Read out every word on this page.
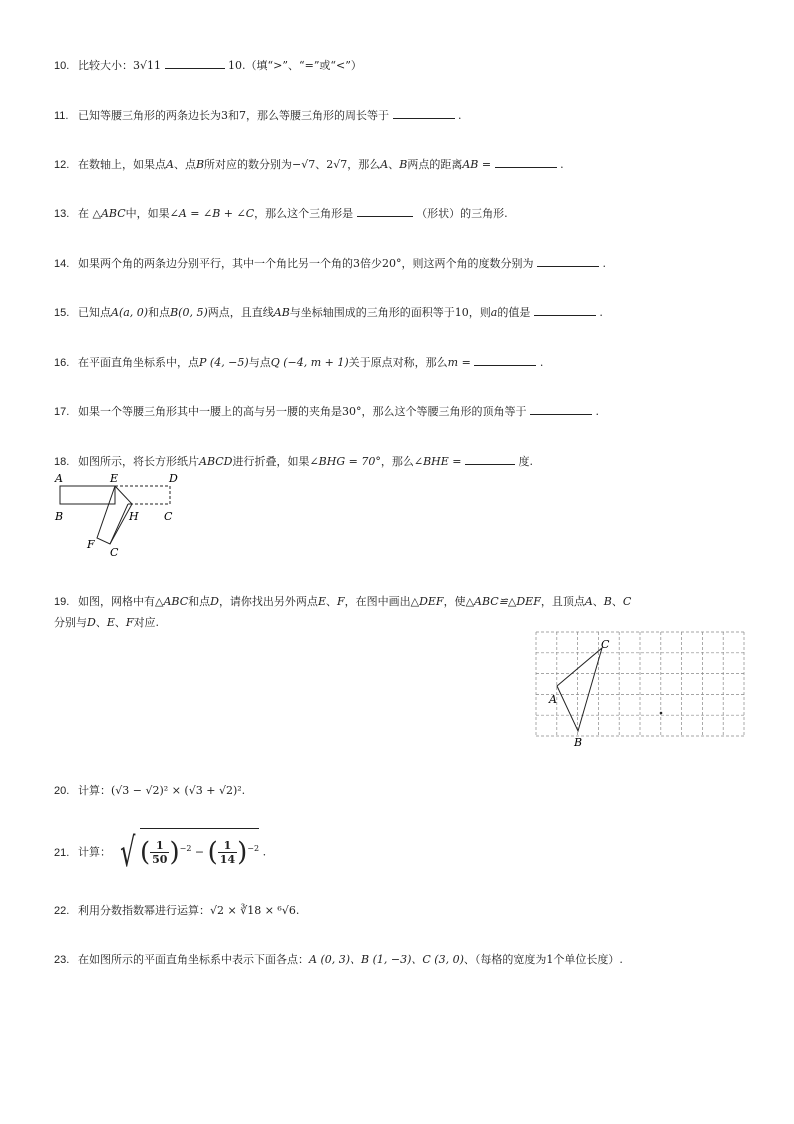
10. 比较大小：3√11	10.（填“>”、“=”或“<”）
11. 已知等腰三角形的两条边长为3和7，那么等腰三角形的周长等于	.
12. 在数轴上，如果点A、点B所对应的数分别为−√7、2√7，那么A、B两点的距离AB =	.
13. 在 △ABC中，如果∠A = ∠B + ∠C，那么这个三角形是	（形状）的三角形.
14. 如果两个角的两条边分别平行，其中一个角比另一个角的3倍少20°，则这两个角的度数分别为	.
15. 已知点A(a, 0)和点B(0, 5)两点，且直线AB与坐标轴围成的三角形的面积等于10，则a的值是	.
16. 在平面直角坐标系中，点P (4, −5)与点Q (−4, m + 1)关于原点对称，那么m =	.
17. 如果一个等腰三角形其中一腰上的高与另一腰的夹角是30°，那么这个等腰三角形的顶角等于	.
18. 如图所示，将长方形纸片ABCD进行折叠，如果∠BHG = 70°，那么∠BHE =	度.
A	E	D
B	H C
F
C
19. 如图，网格中有△ABC和点D，请你找出另外两点E、F，在图中画出△DEF，使△ABC≌△DEF，且顶点A、B、C
分别与D、E、F对应.
A
B
C
20. 计算：(√3 − √2)² × (√3 + √2)².
21. 计算： √ ( $\frac{1}{50} )^{-2}$ − ( $\frac{1}{14} )^{-2}$ .
22. 利用分数指数幂进行运算：√2 × ∛18 × ⁶√6.
23. 在如图所示的平面直角坐标系中表示下面各点：A (0, 3)、B (1, −3)、C (3, 0)、（每格的宽度为1个单位长度）.
